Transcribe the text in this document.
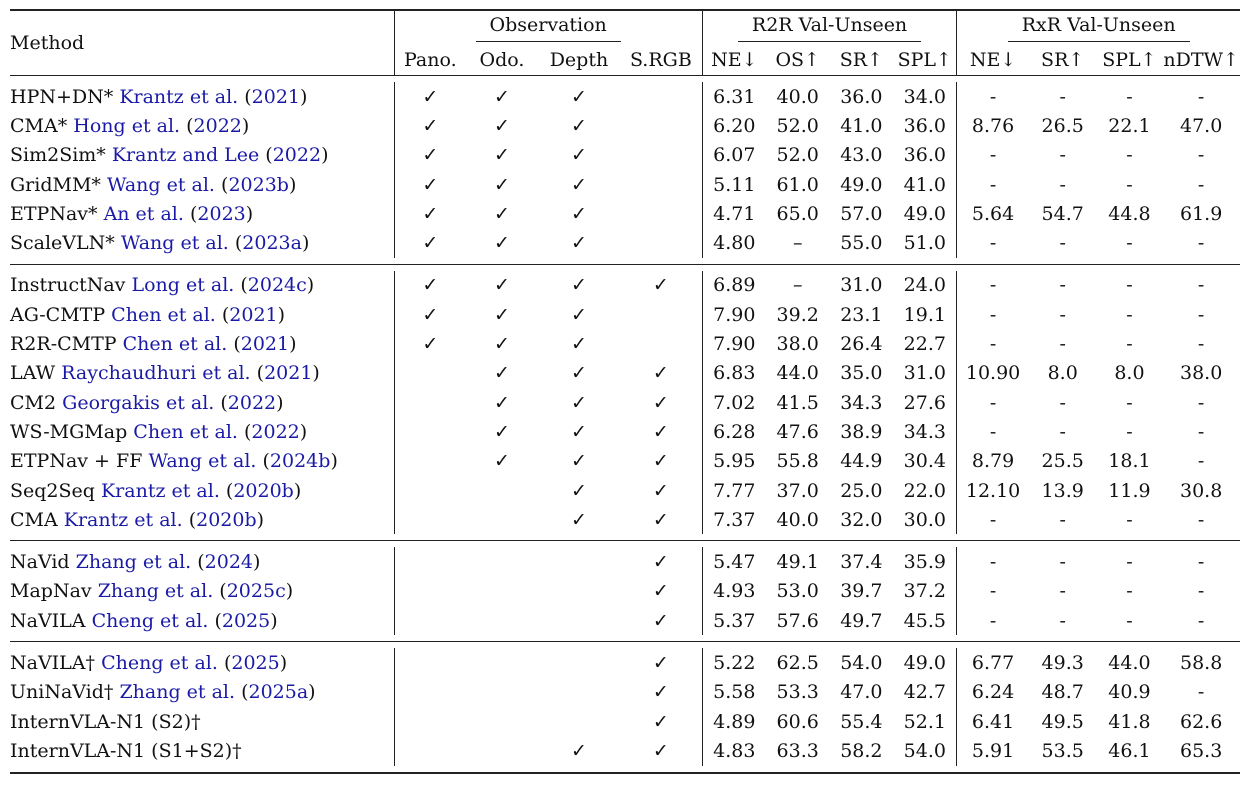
Method	Observation				R2R Val-Unseen				RxR Val-Unseen			
	Pano.	Odo.	Depth	S.RGB	NE↓	OS↑	SR↑	SPL↑	NE↓	SR↑	SPL↑	nDTW↑

HPN+DN* Krantz et al. (2021)	✓	✓	✓		6.31	40.0	36.0	34.0	-	-	-	-
CMA* Hong et al. (2022)	✓	✓	✓		6.20	52.0	41.0	36.0	8.76	26.5	22.1	47.0
Sim2Sim* Krantz and Lee (2022)	✓	✓	✓		6.07	52.0	43.0	36.0	-	-	-	-
GridMM* Wang et al. (2023b)	✓	✓	✓		5.11	61.0	49.0	41.0	-	-	-	-
ETPNav* An et al. (2023)	✓	✓	✓		4.71	65.0	57.0	49.0	5.64	54.7	44.8	61.9
ScaleVLN* Wang et al. (2023a)	✓	✓	✓		4.80	–	55.0	51.0	-	-	-	-

InstructNav Long et al. (2024c)	✓	✓	✓	✓	6.89	–	31.0	24.0	-	-	-	-
AG-CMTP Chen et al. (2021)	✓	✓	✓		7.90	39.2	23.1	19.1	-	-	-	-
R2R-CMTP Chen et al. (2021)	✓	✓	✓		7.90	38.0	26.4	22.7	-	-	-	-
LAW Raychaudhuri et al. (2021)		✓	✓	✓	6.83	44.0	35.0	31.0	10.90	8.0	8.0	38.0
CM2 Georgakis et al. (2022)		✓	✓	✓	7.02	41.5	34.3	27.6	-	-	-	-
WS-MGMap Chen et al. (2022)		✓	✓	✓	6.28	47.6	38.9	34.3	-	-	-	-
ETPNav + FF Wang et al. (2024b)		✓	✓	✓	5.95	55.8	44.9	30.4	8.79	25.5	18.1	-
Seq2Seq Krantz et al. (2020b)			✓	✓	7.77	37.0	25.0	22.0	12.10	13.9	11.9	30.8
CMA Krantz et al. (2020b)			✓	✓	7.37	40.0	32.0	30.0	-	-	-	-

NaVid Zhang et al. (2024)				✓	5.47	49.1	37.4	35.9	-	-	-	-
MapNav Zhang et al. (2025c)				✓	4.93	53.0	39.7	37.2	-	-	-	-
NaVILA Cheng et al. (2025)				✓	5.37	57.6	49.7	45.5	-	-	-	-

NaVILA† Cheng et al. (2025)				✓	5.22	62.5	54.0	49.0	6.77	49.3	44.0	58.8
UniNaVid† Zhang et al. (2025a)				✓	5.58	53.3	47.0	42.7	6.24	48.7	40.9	-
InternVLA-N1 (S2)†				✓	4.89	60.6	55.4	52.1	6.41	49.5	41.8	62.6
InternVLA-N1 (S1+S2)†			✓	✓	4.83	63.3	58.2	54.0	5.91	53.5	46.1	65.3
